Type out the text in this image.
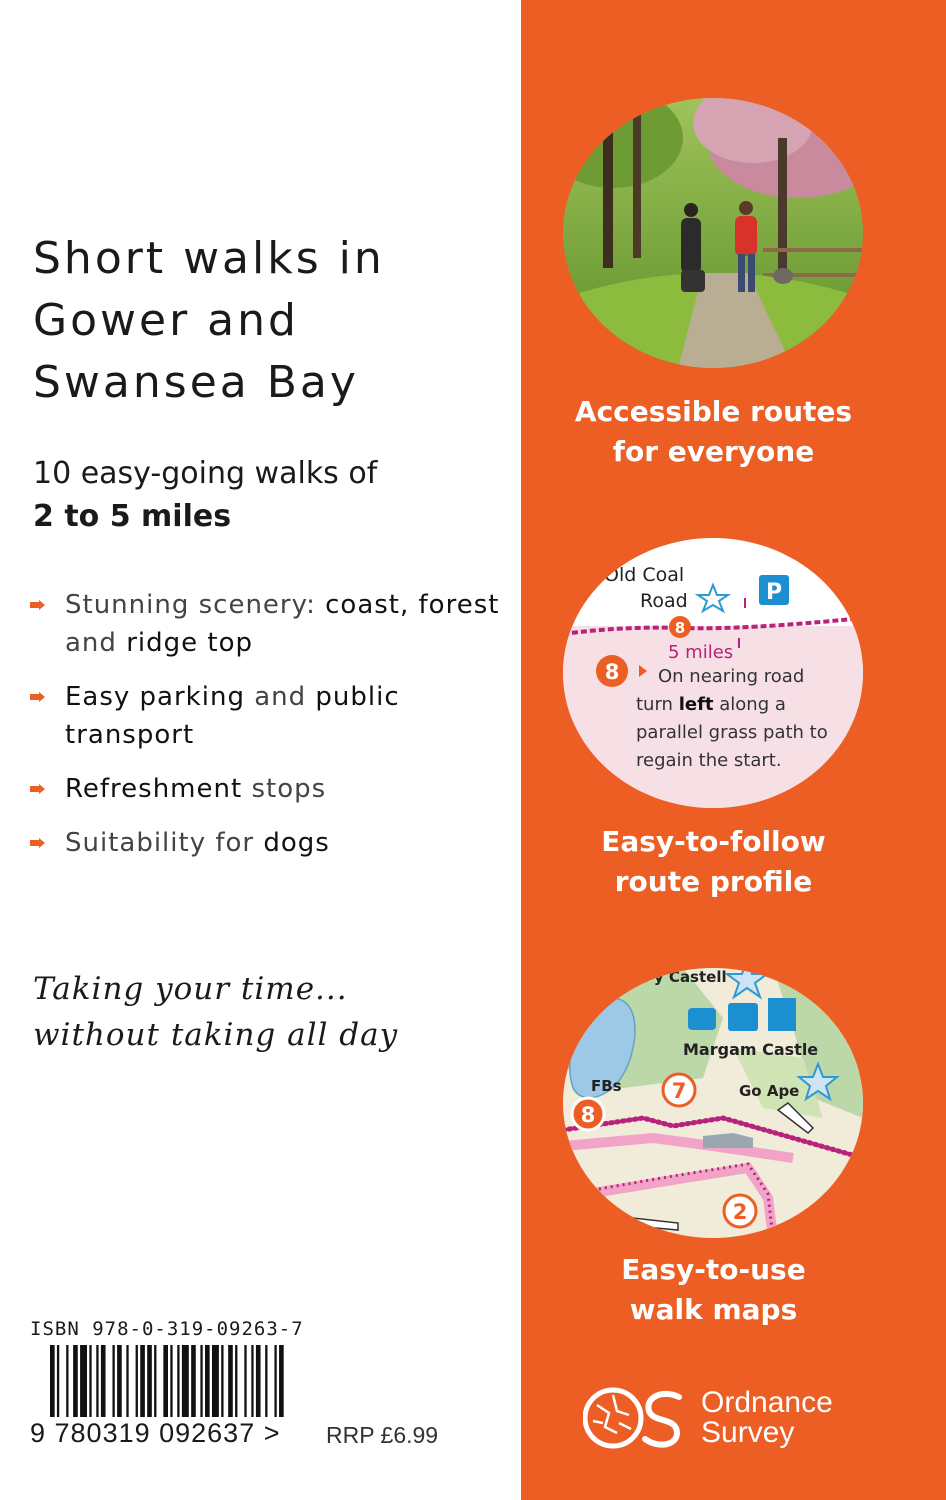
Short walks in
Gower and
Swansea Bay

10 easy-going walks of
2 to 5 miles

Stunning scenery: coast, forest and ridge top
Easy parking and public transport
Refreshment stops
Suitability for dogs

Taking your time...
without taking all day

ISBN 978-0-319-09263-7
9 780319 092637 > RRP £6.99

Accessible routes
for everyone

Old Coal
Road	P
8
5 miles
8 On nearing road
turn left along a
parallel grass path to
regain the start.

Easy-to-follow
route profile

ynydd y Castell
Margam Castle
FBs	Go Ape
7
8
2

Easy-to-use
walk maps

Ordnance
Survey
